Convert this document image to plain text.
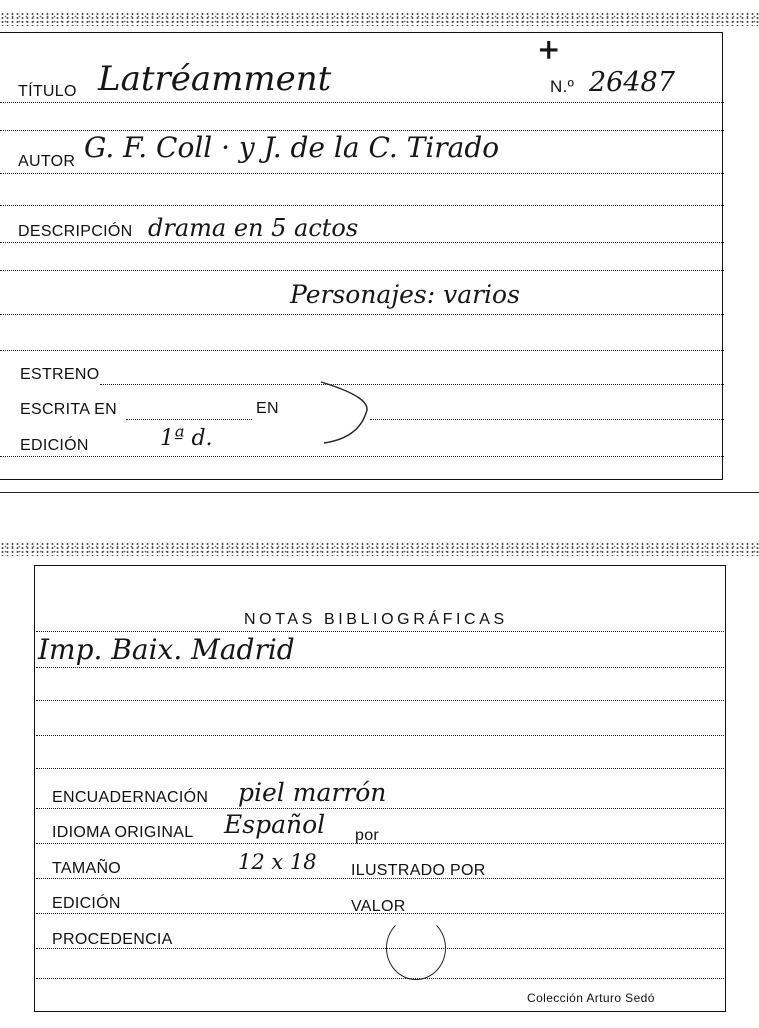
TÍTULO Latréamment
+
N.º 26487
AUTOR G. F. Coll · y J. de la C. Tirado
DESCRIPCIÓN drama en 5 actos
Personajes: varios
ESTRENO
ESCRITA EN	EN
EDICIÓN	1ª d.
NOTAS BIBLIOGRÁFICAS
Imp. Baix. Madrid
ENCUADERNACIÓN piel marrón
IDIOMA ORIGINAL Español por
TAMAÑO	12 x 18 ILUSTRADO POR
EDICIÓN	VALOR
PROCEDENCIA
Colección Arturo Sedó
